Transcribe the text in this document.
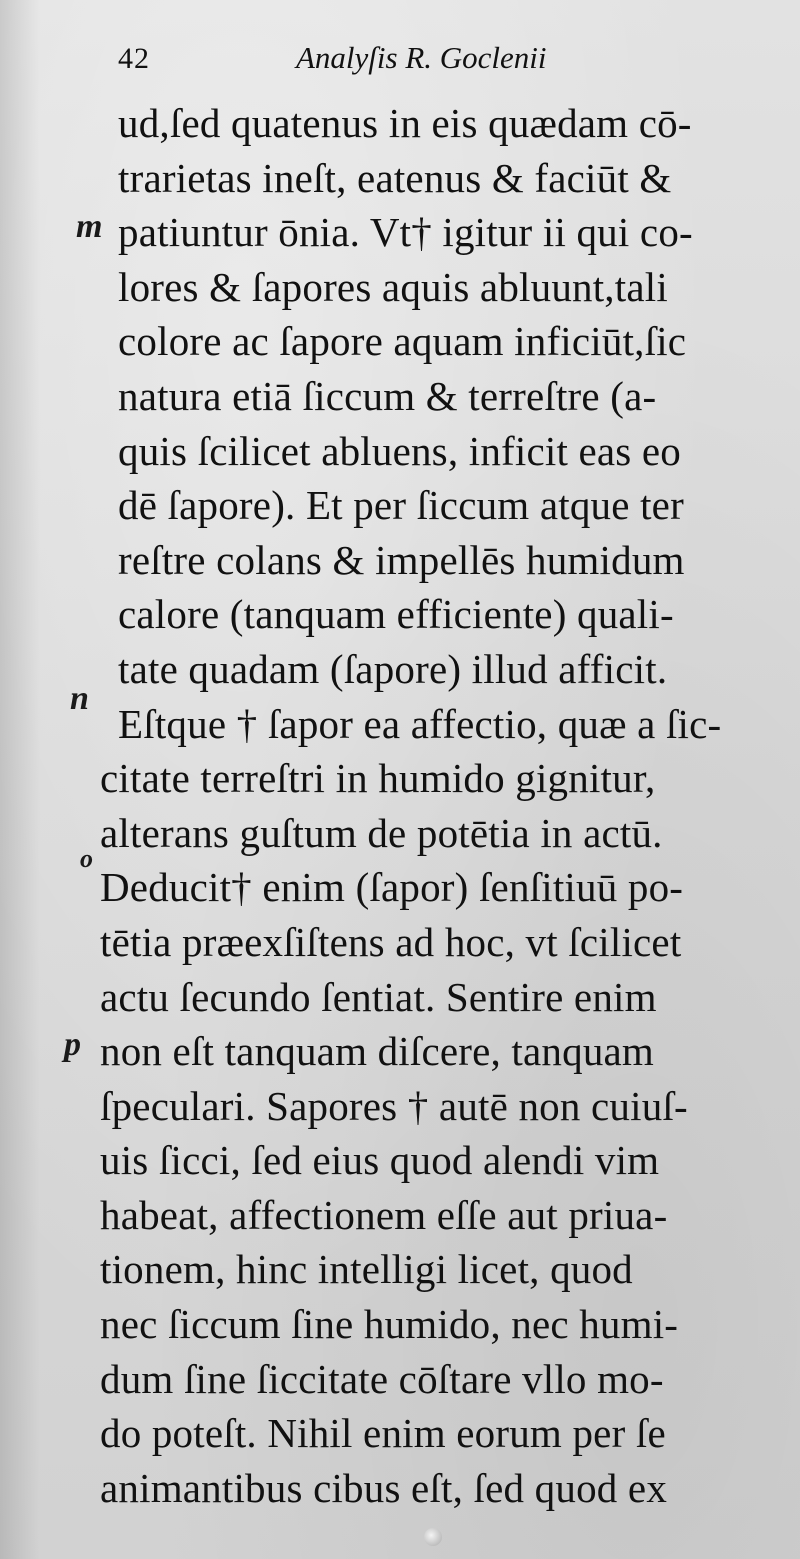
42	Analyſis R. Goclenii
m
n
o
p
ud,ſed quatenus in eis quædam cō-
trarietas ineſt, eatenus & faciūt &
patiuntur ōnia. Vt† igitur ii qui co-
lores & ſapores aquis abluunt,tali
colore ac ſapore aquam inficiūt,ſic
natura etiā ſiccum & terreſtre (a-
quis ſcilicet abluens, inficit eas eo
dē ſapore). Et per ſiccum atque ter
reſtre colans & impellēs humidum
calore (tanquam efficiente) quali-
tate quadam (ſapore) illud afficit.
Eſtque † ſapor ea affectio, quæ a ſic-
citate terreſtri in humido gignitur,
alterans guſtum de potētia in actū.
Deducit† enim (ſapor) ſenſitiuū po-
tētia præexſiſtens ad hoc, vt ſcilicet
actu ſecundo ſentiat. Sentire enim
non eſt tanquam diſcere, tanquam
ſpeculari. Sapores † autē non cuiuſ-
uis ſicci, ſed eius quod alendi vim
habeat, affectionem eſſe aut priua-
tionem, hinc intelligi licet, quod
nec ſiccum ſine humido, nec humi-
dum ſine ſiccitate cōſtare vllo mo-
do poteſt. Nihil enim eorum per ſe
animantibus cibus eſt, ſed quod ex
